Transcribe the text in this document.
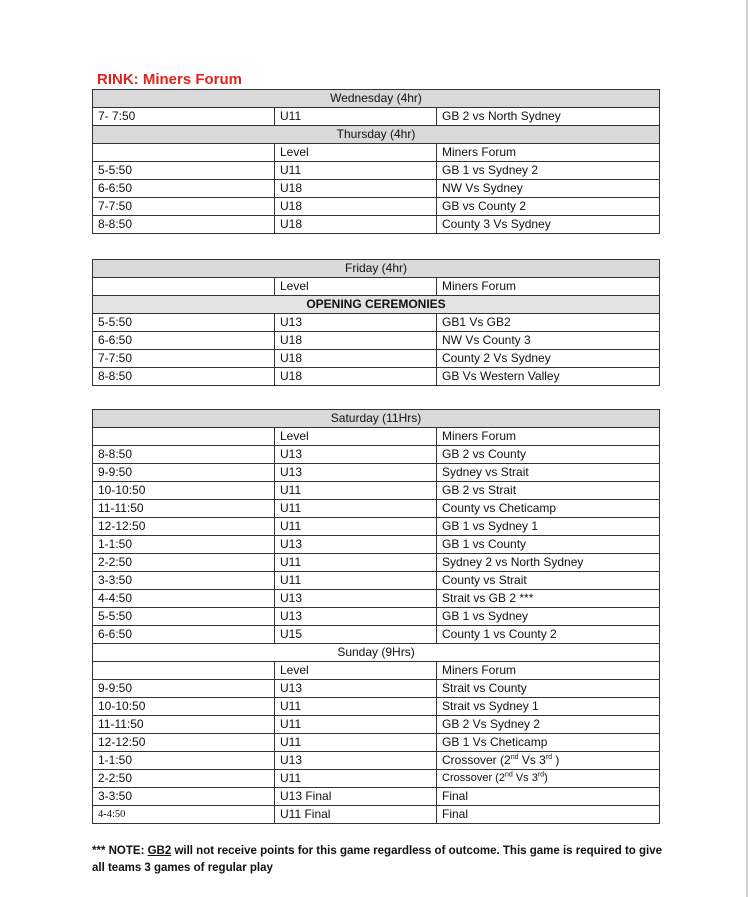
RINK: Miners Forum
Wednesday (4hr)		
7- 7:50	U11	GB 2 vs North Sydney
Thursday (4hr)		
	Level	Miners Forum
5-5:50	U11	GB 1 vs Sydney 2
6-6:50	U18	NW Vs Sydney
7-7:50	U18	GB vs County 2
8-8:50	U18	County 3 Vs Sydney
Friday (4hr)		
	Level	Miners Forum
OPENING CEREMONIES		
5-5:50	U13	GB1 Vs GB2
6-6:50	U18	NW Vs County 3
7-7:50	U18	County 2 Vs Sydney
8-8:50	U18	GB Vs Western Valley
Saturday (11Hrs)		
	Level	Miners Forum
8-8:50	U13	GB 2 vs County
9-9:50	U13	Sydney vs Strait
10-10:50	U11	GB 2 vs Strait
11-11:50	U11	County vs Cheticamp
12-12:50	U11	GB 1 vs Sydney 1
1-1:50	U13	GB 1 vs County
2-2:50	U11	Sydney 2 vs North Sydney
3-3:50	U11	County vs Strait
4-4:50	U13	Strait vs GB 2 ***
5-5:50	U13	GB 1 vs Sydney
6-6:50	U15	County 1 vs County 2
Sunday (9Hrs)		
	Level	Miners Forum
9-9:50	U13	Strait vs County
10-10:50	U11	Strait vs Sydney 1
11-11:50	U11	GB 2 Vs Sydney 2
12-12:50	U11	GB 1 Vs Cheticamp
1-1:50	U13	Crossover (2nd Vs 3rd )
2-2:50	U11	Crossover (2nd Vs 3rd)
3-3:50	U13 Final	Final
4-4:50	U11 Final	Final
*** NOTE: GB2 will not receive points for this game regardless of outcome. This game is required to give all teams 3 games of regular play
